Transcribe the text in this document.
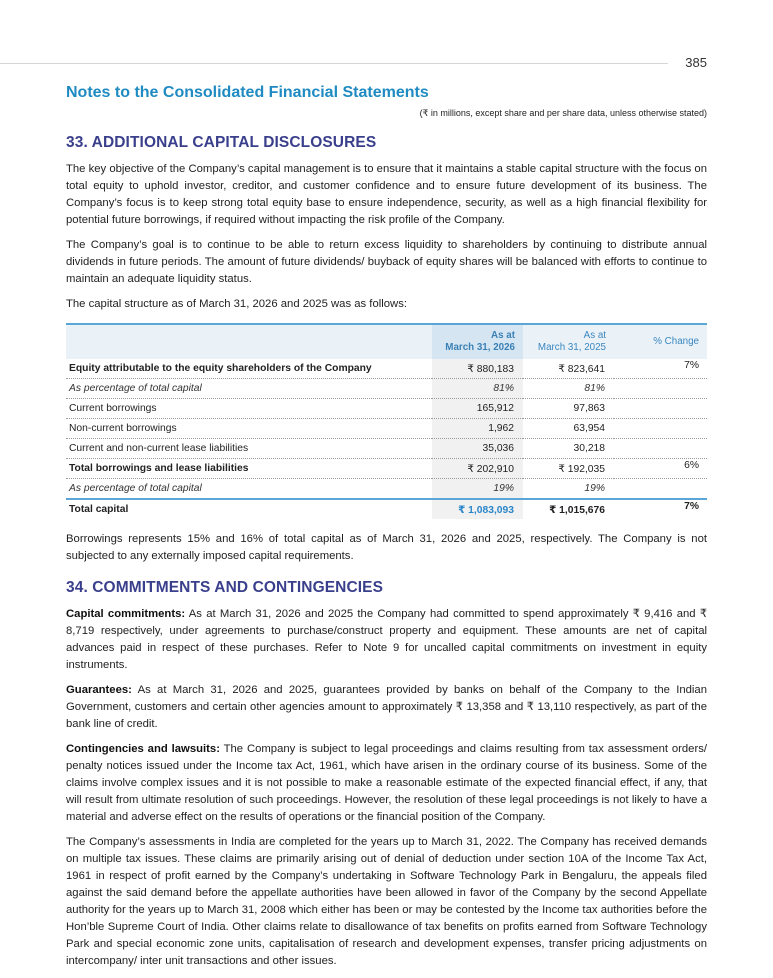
385
Notes to the Consolidated Financial Statements
(₹ in millions, except share and per share data, unless otherwise stated)
33. ADDITIONAL CAPITAL DISCLOSURES

The key objective of the Company’s capital management is to ensure that it maintains a stable capital structure with the focus on total equity to uphold investor, creditor, and customer confidence and to ensure future development of its business. The Company’s focus is to keep strong total equity base to ensure independence, security, as well as a high financial flexibility for potential future borrowings, if required without impacting the risk profile of the Company.

The Company’s goal is to continue to be able to return excess liquidity to shareholders by continuing to distribute annual dividends in future periods. The amount of future dividends/ buyback of equity shares will be balanced with efforts to continue to maintain an adequate liquidity status.

The capital structure as of March 31, 2026 and 2025 was as follows:

	As at
March 31, 2026	As at
March 31, 2025	% Change
Equity attributable to the equity shareholders of the Company	₹ 880,183	₹ 823,641	7%
As percentage of total capital	81%	81%	
Current borrowings	165,912	97,863	
Non-current borrowings	1,962	63,954	
Current and non-current lease liabilities	35,036	30,218	
Total borrowings and lease liabilities	₹ 202,910	₹ 192,035	6%
As percentage of total capital	19%	19%	
Total capital	₹ 1,083,093	₹ 1,015,676	7%

Borrowings represents 15% and 16% of total capital as of March 31, 2026 and 2025, respectively. The Company is not subjected to any externally imposed capital requirements.

34. COMMITMENTS AND CONTINGENCIES

Capital commitments: As at March 31, 2026 and 2025 the Company had committed to spend approximately ₹ 9,416 and ₹ 8,719 respectively, under agreements to purchase/construct property and equipment. These amounts are net of capital advances paid in respect of these purchases. Refer to Note 9 for uncalled capital commitments on investment in equity instruments.

Guarantees: As at March 31, 2026 and 2025, guarantees provided by banks on behalf of the Company to the Indian Government, customers and certain other agencies amount to approximately ₹ 13,358 and ₹ 13,110 respectively, as part of the bank line of credit.

Contingencies and lawsuits: The Company is subject to legal proceedings and claims resulting from tax assessment orders/ penalty notices issued under the Income tax Act, 1961, which have arisen in the ordinary course of its business. Some of the claims involve complex issues and it is not possible to make a reasonable estimate of the expected financial effect, if any, that will result from ultimate resolution of such proceedings. However, the resolution of these legal proceedings is not likely to have a material and adverse effect on the results of operations or the financial position of the Company.

The Company’s assessments in India are completed for the years up to March 31, 2022. The Company has received demands on multiple tax issues. These claims are primarily arising out of denial of deduction under section 10A of the Income Tax Act, 1961 in respect of profit earned by the Company’s undertaking in Software Technology Park in Bengaluru, the appeals filed against the said demand before the appellate authorities have been allowed in favor of the Company by the second Appellate authority for the years up to March 31, 2008 which either has been or may be contested by the Income tax authorities before the Hon’ble Supreme Court of India. Other claims relate to disallowance of tax benefits on profits earned from Software Technology Park and special economic zone units, capitalisation of research and development expenses, transfer pricing adjustments on intercompany/ inter unit transactions and other issues.
